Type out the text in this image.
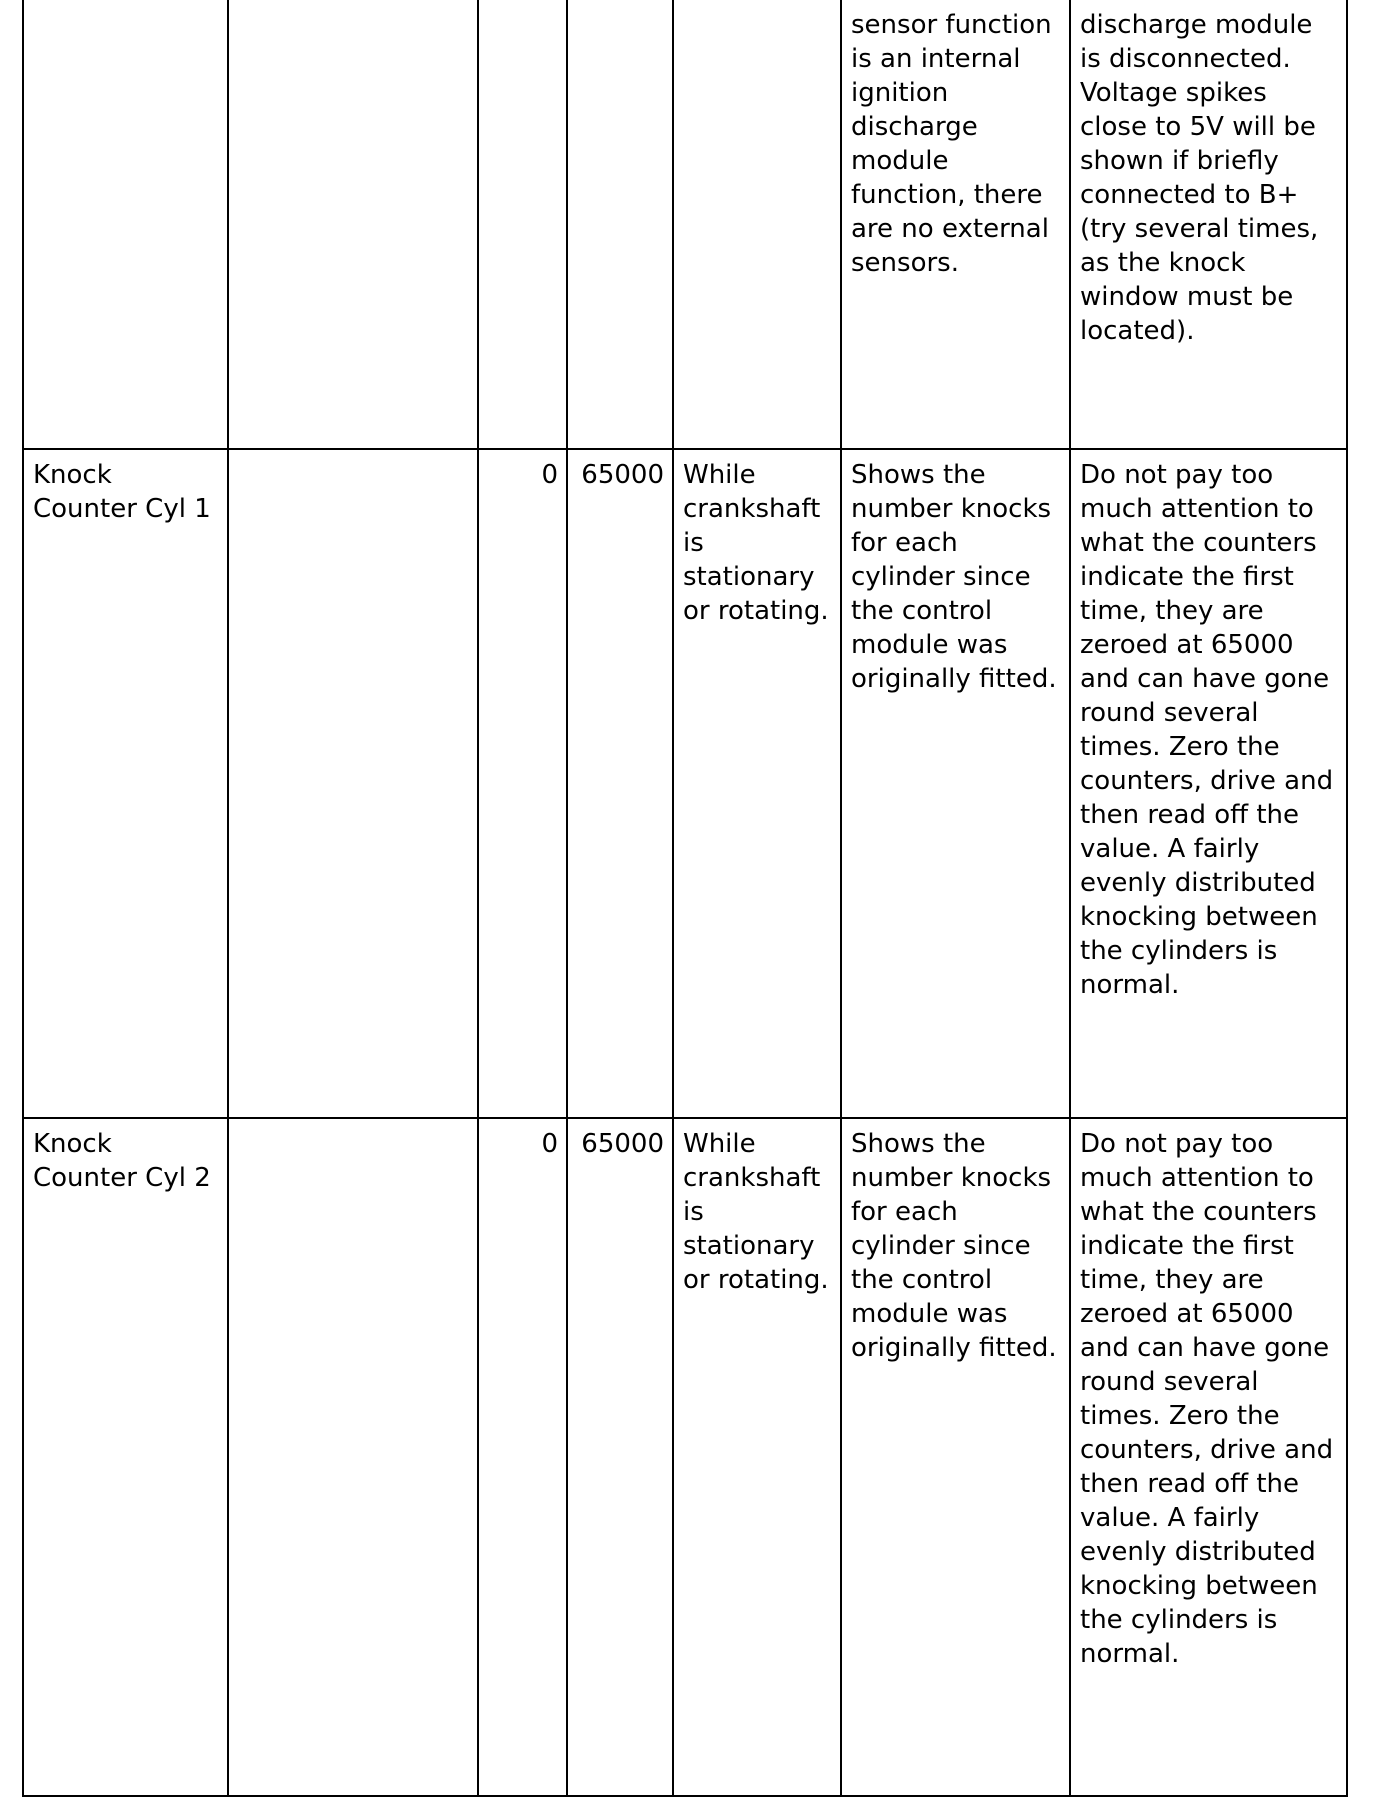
					sensor function is an internal ignition discharge module function, there are no external sensors.	discharge module is disconnected. Voltage spikes close to 5V will be shown if briefly connected to B+ (try several times, as the knock window must be located).

Knock Counter Cyl 1		0	65000	While crankshaft is stationary or rotating.	Shows the number knocks for each cylinder since the control module was originally fitted.	Do not pay too much attention to what the counters indicate the first time, they are zeroed at 65000 and can have gone round several times. Zero the counters, drive and then read off the value. A fairly evenly distributed knocking between the cylinders is normal.

Knock Counter Cyl 2		0	65000	While crankshaft is stationary or rotating.	Shows the number knocks for each cylinder since the control module was originally fitted.	Do not pay too much attention to what the counters indicate the first time, they are zeroed at 65000 and can have gone round several times. Zero the counters, drive and then read off the value. A fairly evenly distributed knocking between the cylinders is normal.
